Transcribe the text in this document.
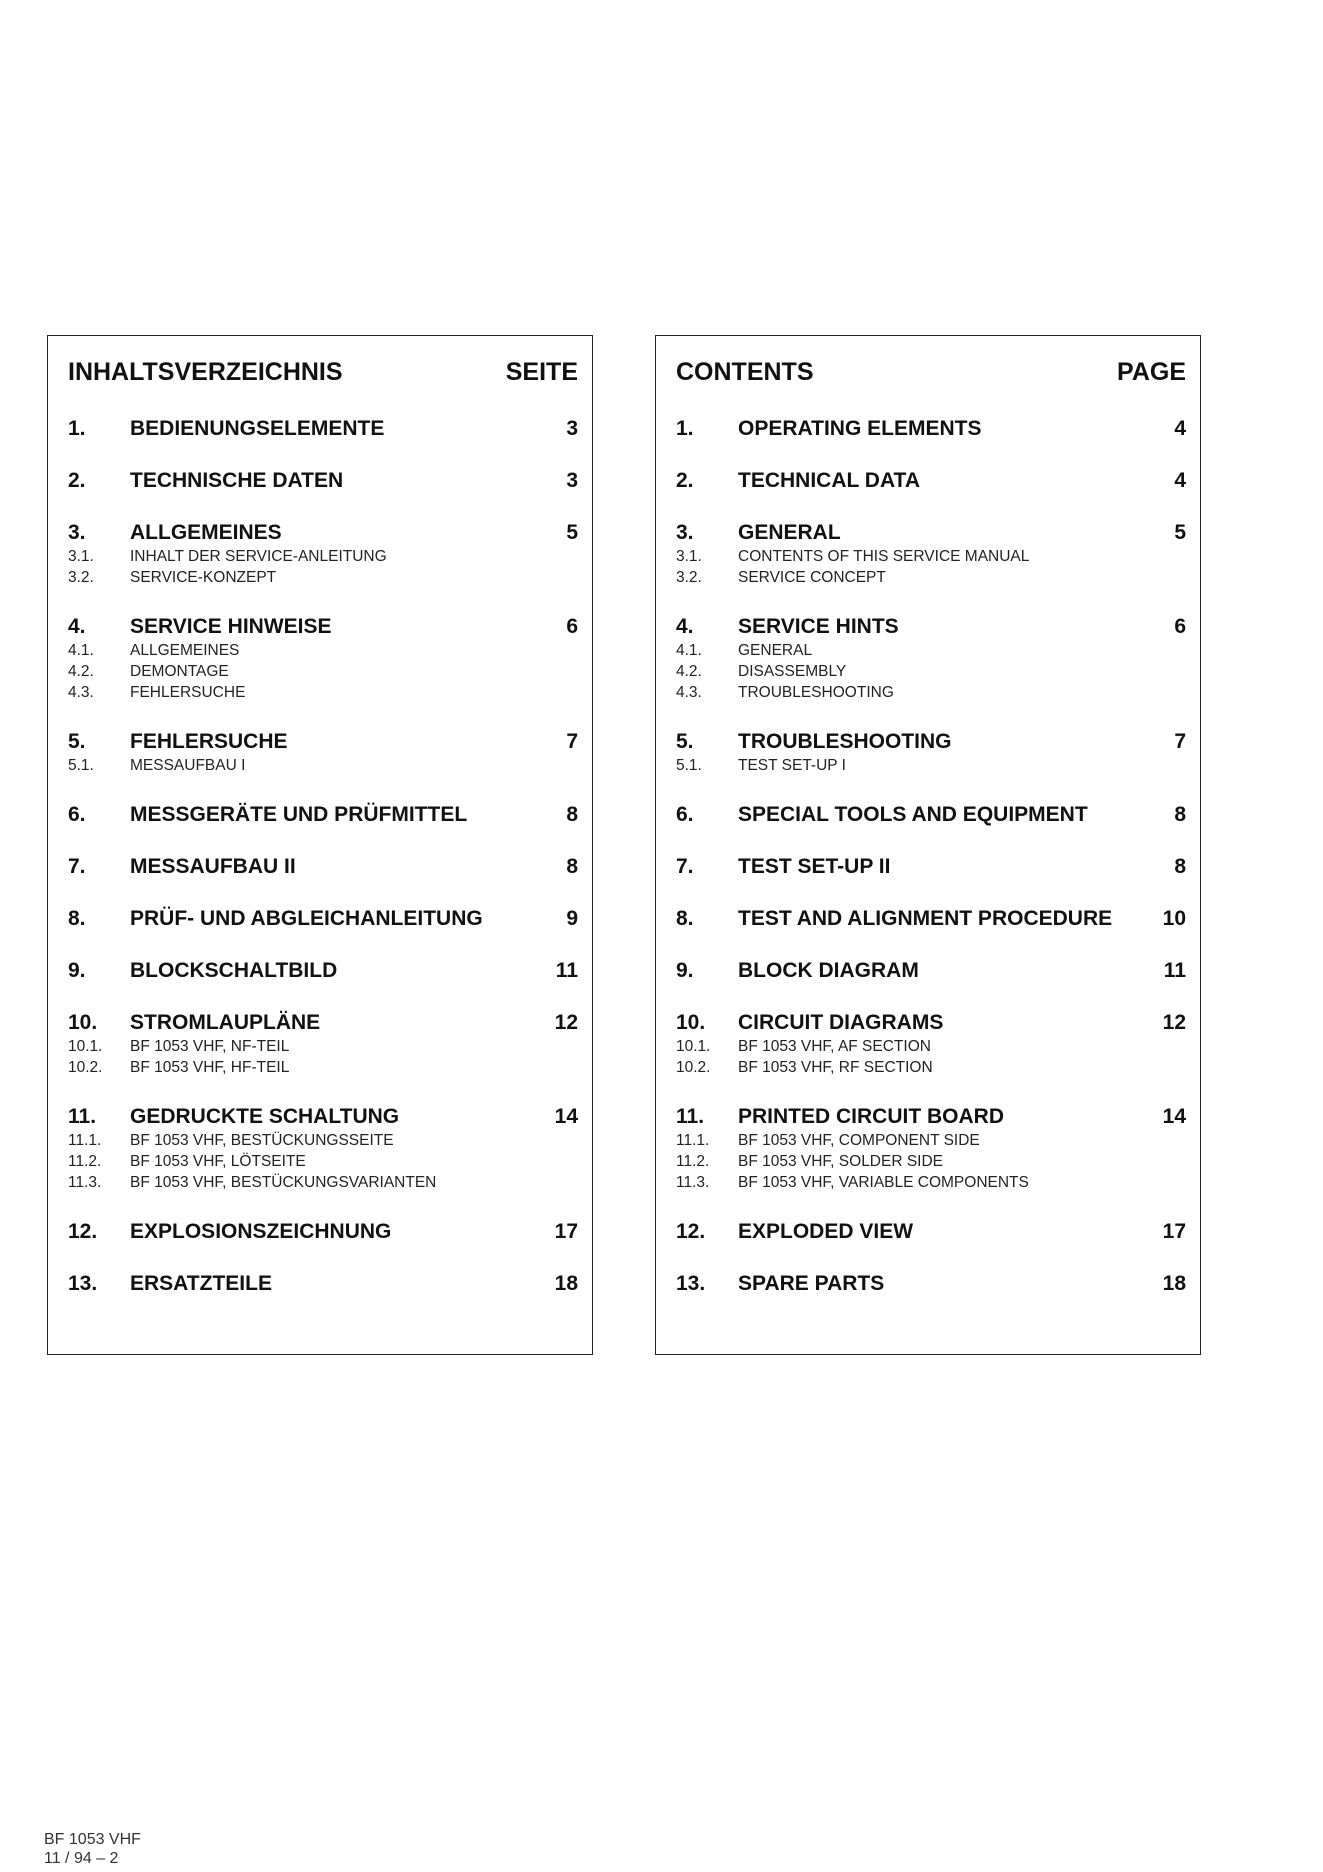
INHALTSVERZEICHNIS	SEITE
1.	BEDIENUNGSELEMENTE	3
2.	TECHNISCHE DATEN	3
3.	ALLGEMEINES	5
3.1.	INHALT DER SERVICE-ANLEITUNG
3.2.	SERVICE-KONZEPT
4.	SERVICE HINWEISE	6
4.1.	ALLGEMEINES
4.2.	DEMONTAGE
4.3.	FEHLERSUCHE
5.	FEHLERSUCHE	7
5.1.	MESSAUFBAU I
6.	MESSGERÄTE UND PRÜFMITTEL	8
7.	MESSAUFBAU II	8
8.	PRÜF- UND ABGLEICHANLEITUNG	9
9.	BLOCKSCHALTBILD	11
10.	STROMLAUPLÄNE	12
10.1.	BF 1053 VHF, NF-TEIL
10.2.	BF 1053 VHF, HF-TEIL
11.	GEDRUCKTE SCHALTUNG	14
11.1.	BF 1053 VHF, BESTÜCKUNGSSEITE
11.2.	BF 1053 VHF, LÖTSEITE
11.3.	BF 1053 VHF, BESTÜCKUNGSVARIANTEN
12.	EXPLOSIONSZEICHNUNG	17
13.	ERSATZTEILE	18
CONTENTS	PAGE
1.	OPERATING ELEMENTS	4
2.	TECHNICAL DATA	4
3.	GENERAL	5
3.1.	CONTENTS OF THIS SERVICE MANUAL
3.2.	SERVICE CONCEPT
4.	SERVICE HINTS	6
4.1.	GENERAL
4.2.	DISASSEMBLY
4.3.	TROUBLESHOOTING
5.	TROUBLESHOOTING	7
5.1.	TEST SET-UP I
6.	SPECIAL TOOLS AND EQUIPMENT	8
7.	TEST SET-UP II	8
8.	TEST AND ALIGNMENT PROCEDURE	10
9.	BLOCK DIAGRAM	11
10.	CIRCUIT DIAGRAMS	12
10.1.	BF 1053 VHF, AF SECTION
10.2.	BF 1053 VHF, RF SECTION
11.	PRINTED CIRCUIT BOARD	14
11.1.	BF 1053 VHF, COMPONENT SIDE
11.2.	BF 1053 VHF, SOLDER SIDE
11.3.	BF 1053 VHF, VARIABLE COMPONENTS
12.	EXPLODED VIEW	17
13.	SPARE PARTS	18
BF 1053 VHF
11 / 94 – 2
